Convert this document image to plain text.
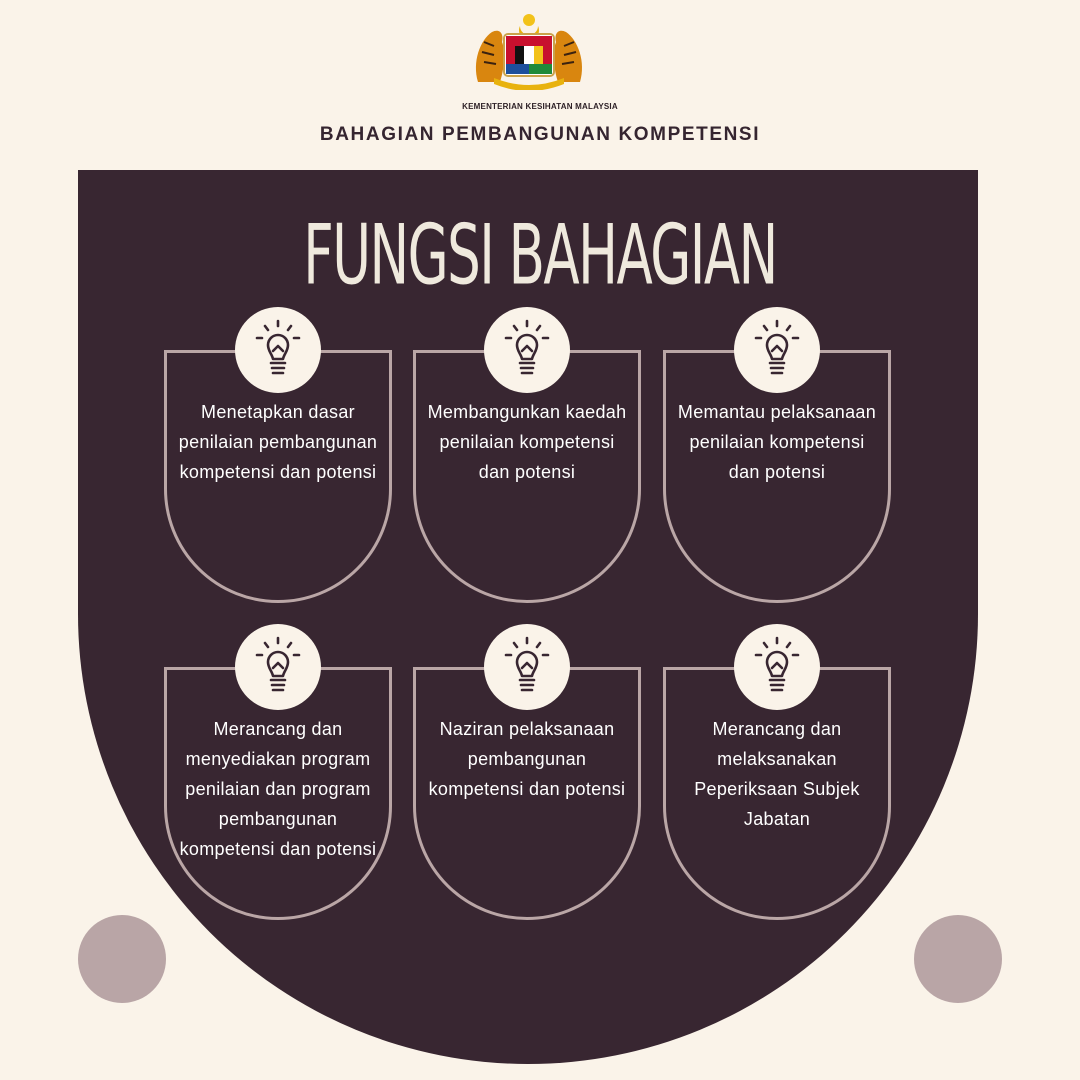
KEMENTERIAN KESIHATAN MALAYSIA
BAHAGIAN PEMBANGUNAN KOMPETENSI
FUNGSI BAHAGIAN
Menetapkan dasar penilaian pembangunan kompetensi dan potensi
Membangunkan kaedah penilaian kompetensi dan potensi
Memantau pelaksanaan penilaian kompetensi dan potensi
Merancang dan menyediakan program penilaian dan program pembangunan kompetensi dan potensi
Naziran pelaksanaan pembangunan kompetensi dan potensi
Merancang dan melaksanakan Peperiksaan Subjek Jabatan
